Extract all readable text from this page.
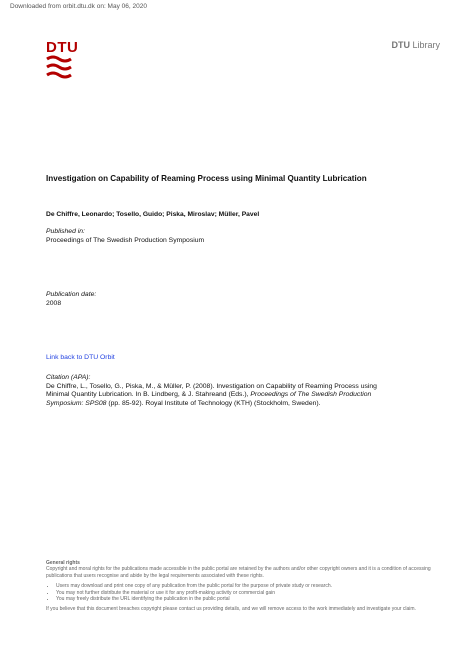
Downloaded from orbit.dtu.dk on: May 06, 2020
DTU	DTU Library
Investigation on Capability of Reaming Process using Minimal Quantity Lubrication
De Chiffre, Leonardo; Tosello, Guido; Piska, Miroslav; Müller, Pavel
Published in:
Proceedings of The Swedish Production Symposium
Publication date:
2008
Link back to DTU Orbit
Citation (APA):
De Chiffre, L., Tosello, G., Piska, M., & Müller, P. (2008). Investigation on Capability of Reaming Process using
Minimal Quantity Lubrication. In B. Lindberg, & J. Stahreand (Eds.), Proceedings of The Swedish Production
Symposium: SPS08 (pp. 85-92). Royal Institute of Technology (KTH) (Stockholm, Sweden).
General rights
Copyright and moral rights for the publications made accessible in the public portal are retained by the authors and/or other copyright owners and it is a condition of accessing publications that users recognise and abide by the legal requirements associated with these rights.
• Users may download and print one copy of any publication from the public portal for the purpose of private study or research.
• You may not further distribute the material or use it for any profit-making activity or commercial gain
• You may freely distribute the URL identifying the publication in the public portal
If you believe that this document breaches copyright please contact us providing details, and we will remove access to the work immediately and investigate your claim.
